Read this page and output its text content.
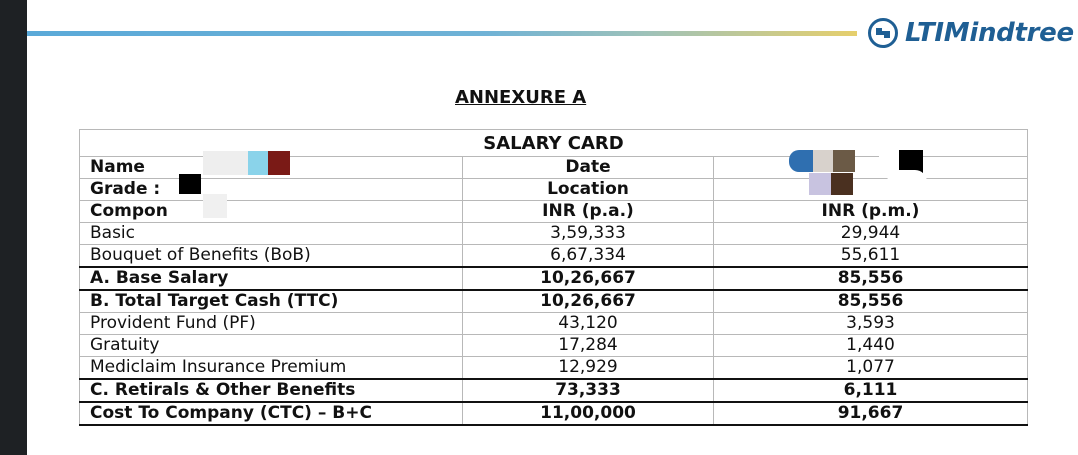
LTIMindtree
ANNEXURE A
SALARY CARD		
Name	Date	
Grade :	Location	
Compon	INR (p.a.)	INR (p.m.)
Basic	3,59,333	29,944
Bouquet of Benefits (BoB)	6,67,334	55,611
A. Base Salary	10,26,667	85,556
B. Total Target Cash (TTC)	10,26,667	85,556
Provident Fund (PF)	43,120	3,593
Gratuity	17,284	1,440
Mediclaim Insurance Premium	12,929	1,077
C. Retirals & Other Benefits	73,333	6,111
Cost To Company (CTC) – B+C	11,00,000	91,667
